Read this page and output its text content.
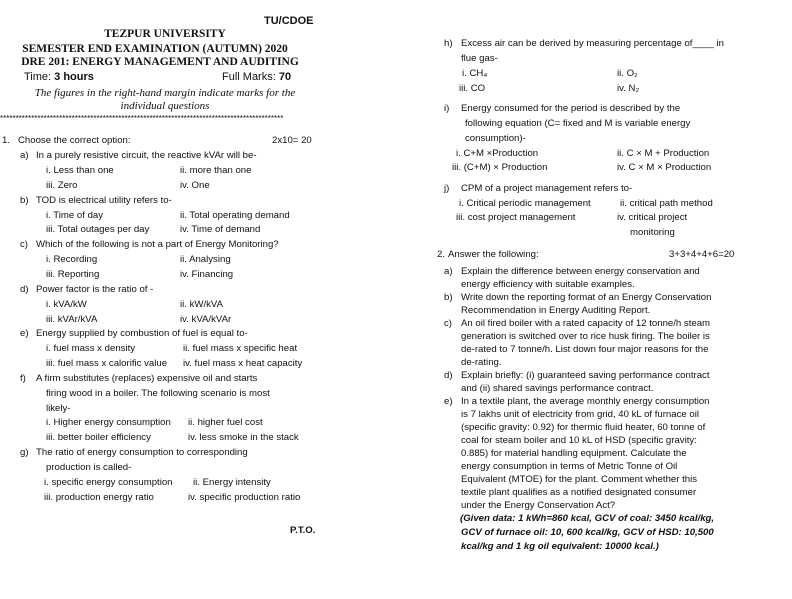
TU/CDOE
TEZPUR UNIVERSITY
SEMESTER END EXAMINATION (AUTUMN) 2020
DRE 201: ENERGY MANAGEMENT AND AUDITING
Time: 3 hours	Full Marks: 70
The figures in the right-hand margin indicate marks for the
individual questions
*******************************************************************************************
1. Choose the correct option:	2x10= 20
a) In a purely resistive circuit, the reactive kVAr will be-
i. Less than one	ii. more than one
iii. Zero	iv. One
b) TOD is electrical utility refers to-
i. Time of day	ii. Total operating demand
iii. Total outages per day	iv. Time of demand
c) Which of the following is not a part of Energy Monitoring?
i. Recording	ii. Analysing
iii. Reporting	iv. Financing
d) Power factor is the ratio of -
i. kVA/kW	ii. kW/kVA
iii. kVAr/kVA	iv. kVA/kVAr
e) Energy supplied by combustion of fuel is equal to-
i. fuel mass x density	ii. fuel mass x specific heat
iii. fuel mass x calorific value iv. fuel mass x heat capacity
f) A firm substitutes (replaces) expensive oil and starts
firing wood in a boiler. The following scenario is most
likely-
i. Higher energy consumption ii. higher fuel cost
iii. better boiler efficiency	iv. less smoke in the stack
g) The ratio of energy consumption to corresponding
production is called-
i. specific energy consumption ii. Energy intensity
iii. production energy ratio	iv. specific production ratio
P.T.O.
h) Excess air can be derived by measuring percentage of____ in
flue gas-
i. CH₄	ii. O₂
iii. CO	iv. N₂
i) Energy consumed for the period is described by the
following equation (C= fixed and M is variable energy
consumption)-
i. C+M ×Production	ii. C × M + Production
iii. (C+M) × Production	iv. C × M × Production
j) CPM of a project management refers to-
i. Critical periodic management	ii. critical path method
iii. cost project management	iv. critical project
monitoring
2. Answer the following:	3+3+4+4+6=20
a) Explain the difference between energy conservation and
energy efficiency with suitable examples.
b) Write down the reporting format of an Energy Conservation
Recommendation in Energy Auditing Report.
c) An oil fired boiler with a rated capacity of 12 tonne/h steam
generation is switched over to rice husk firing. The boiler is
de-rated to 7 tonne/h. List down four major reasons for the
de-rating.
d) Explain briefly: (i) guaranteed saving performance contract
and (ii) shared savings performance contract.
e) In a textile plant, the average monthly energy consumption
is 7 lakhs unit of electricity from grid, 40 kL of furnace oil
(specific gravity: 0.92) for thermic fluid heater, 60 tonne of
coal for steam boiler and 10 kL of HSD (specific gravity:
0.885) for material handling equipment. Calculate the
energy consumption in terms of Metric Tonne of Oil
Equivalent (MTOE) for the plant. Comment whether this
textile plant qualifies as a notified designated consumer
under the Energy Conservation Act?
(Given data: 1 kWh=860 kcal, GCV of coal: 3450 kcal/kg,
GCV of furnace oil: 10, 600 kcal/kg, GCV of HSD: 10,500
kcal/kg and 1 kg oil equivalent: 10000 kcal.)
